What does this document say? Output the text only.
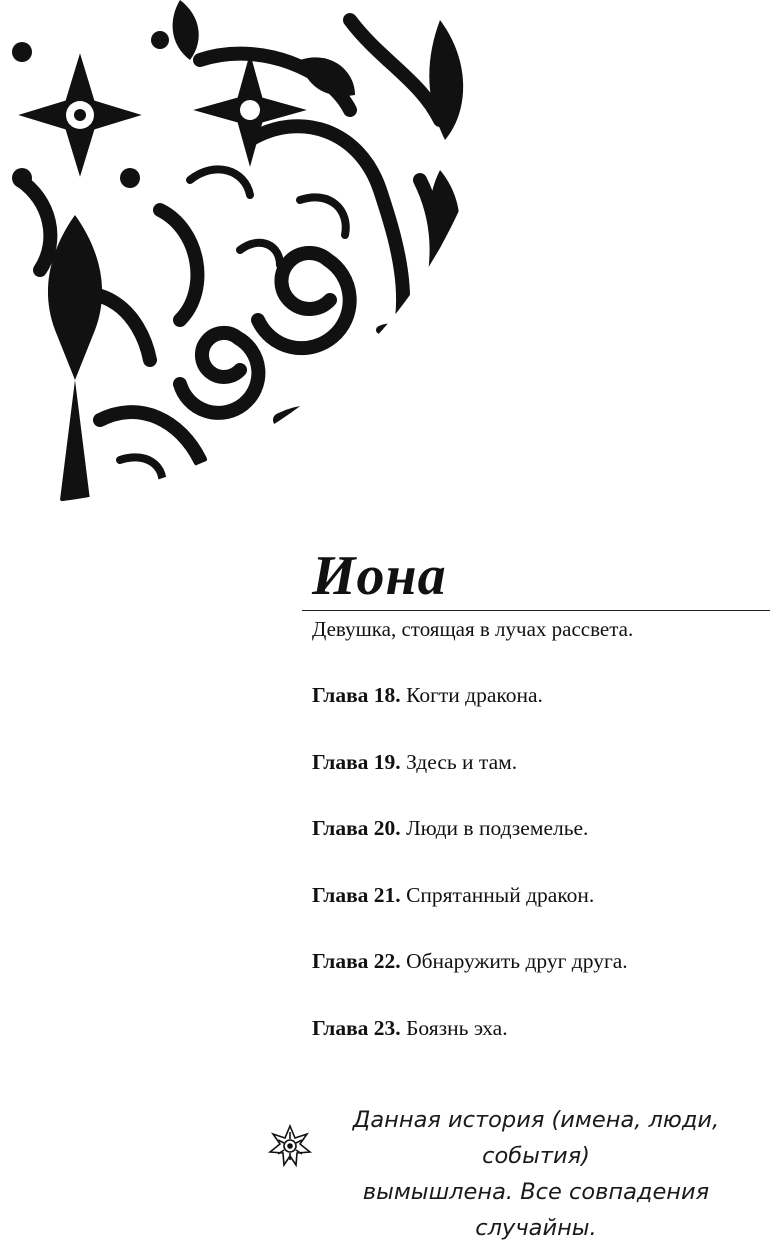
Иона
Девушка, стоящая в лучах рассвета.
Глава 18. Когти дракона.
Глава 19. Здесь и там.
Глава 20. Люди в подземелье.
Глава 21. Спрятанный дракон.
Глава 22. Обнаружить друг друга.
Глава 23. Боязнь эха.
Данная история (имена, люди, события)
вымышлена. Все совпадения случайны.
